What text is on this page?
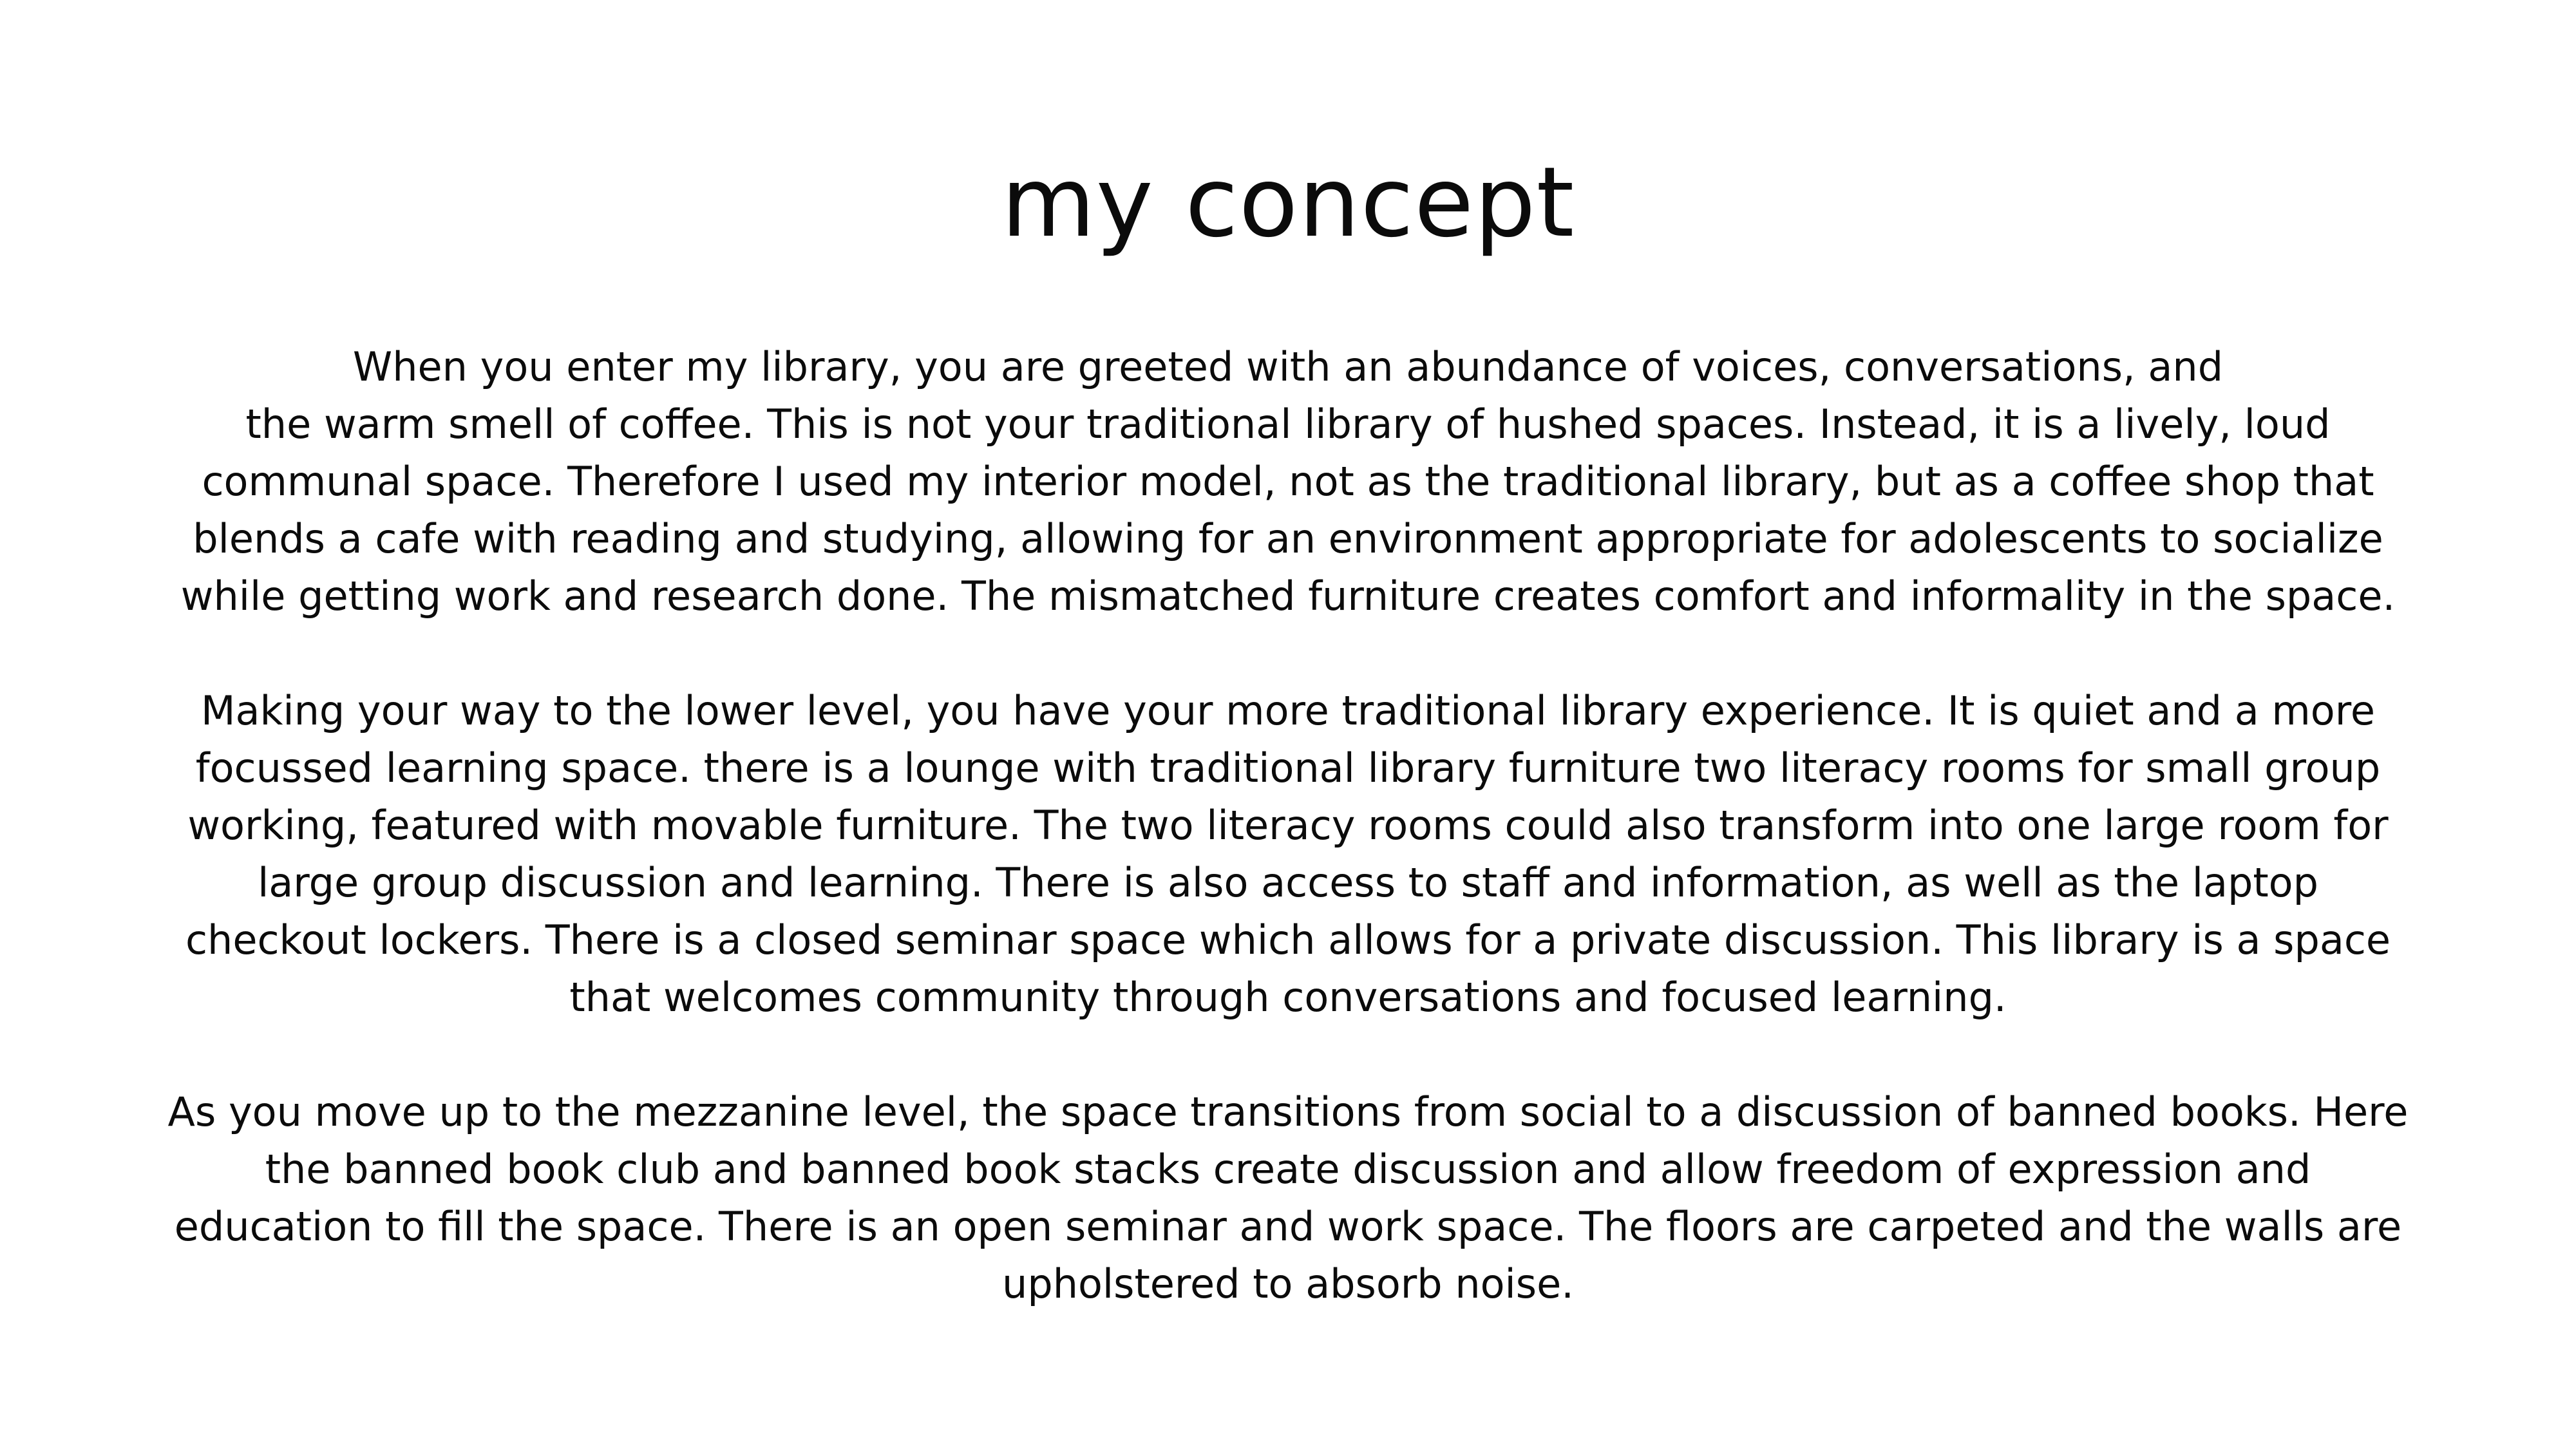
my concept

When you enter my library, you are greeted with an abundance of voices, conversations, and
the warm smell of coffee. This is not your traditional library of hushed spaces. Instead, it is a lively, loud
communal space. Therefore I used my interior model, not as the traditional library, but as a coffee shop that
blends a cafe with reading and studying, allowing for an environment appropriate for adolescents to socialize
while getting work and research done. The mismatched furniture creates comfort and informality in the space.

Making your way to the lower level, you have your more traditional library experience. It is quiet and a more
focussed learning space. there is a lounge with traditional library furniture two literacy rooms for small group
working, featured with movable furniture. The two literacy rooms could also transform into one large room for
large group discussion and learning. There is also access to staff and information, as well as the laptop
checkout lockers. There is a closed seminar space which allows for a private discussion. This library is a space
that welcomes community through conversations and focused learning.

As you move up to the mezzanine level, the space transitions from social to a discussion of banned books. Here
the banned book club and banned book stacks create discussion and allow freedom of expression and
education to fill the space. There is an open seminar and work space. The floors are carpeted and the walls are
upholstered to absorb noise.
